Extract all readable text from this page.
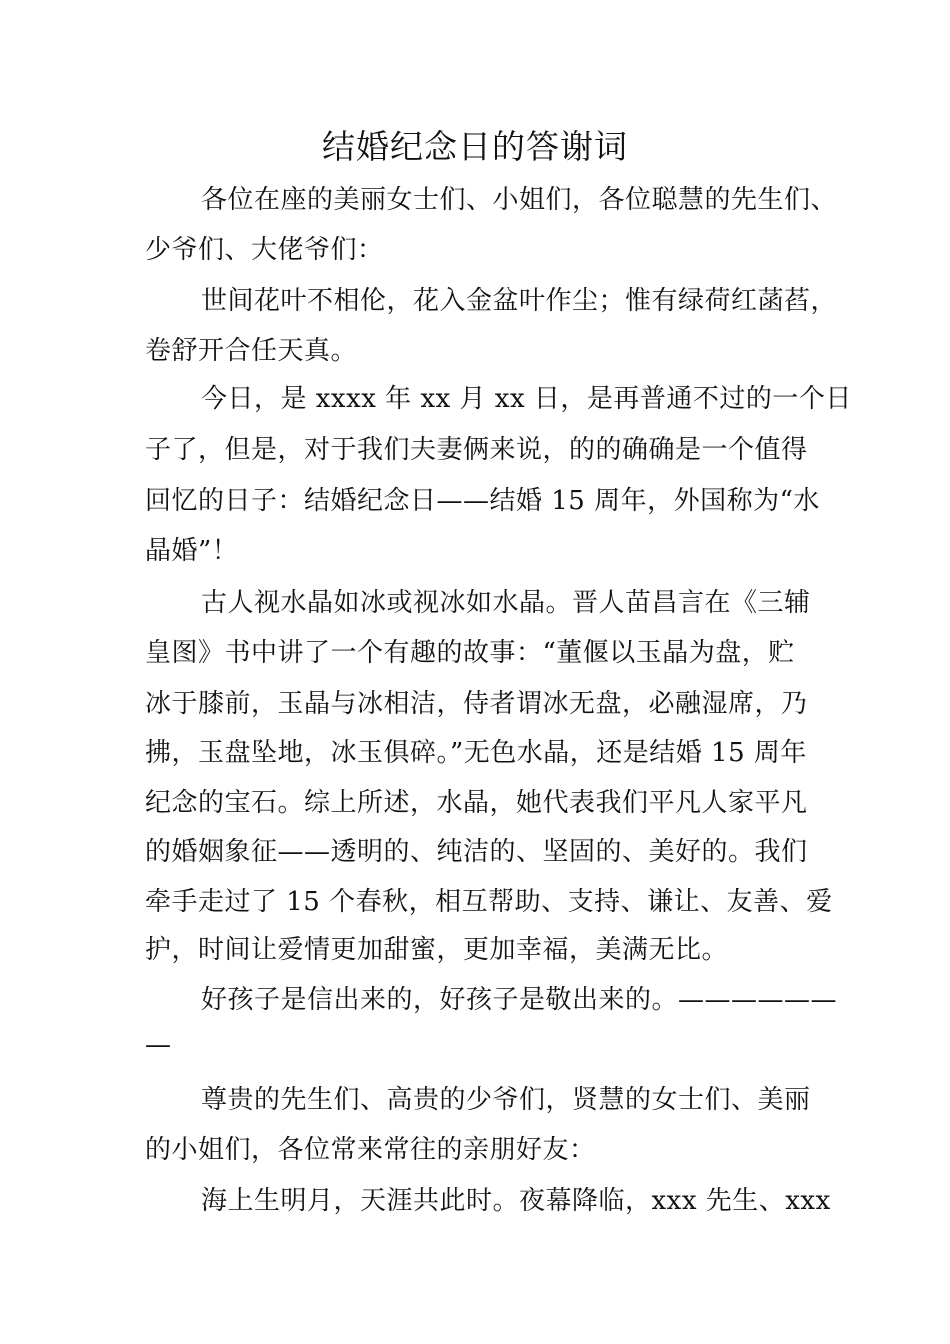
结婚纪念日的答谢词
各位在座的美丽女士们、小姐们，各位聪慧的先生们、
少爷们、大佬爷们：
世间花叶不相伦，花入金盆叶作尘；惟有绿荷红菡萏，
卷舒开合任天真。
今日，是 xxxx 年 xx 月 xx 日，是再普通不过的一个日
子了，但是，对于我们夫妻俩来说，的的确确是一个值得
回忆的日子：结婚纪念日——结婚 15 周年，外国称为“水
晶婚”！
古人视水晶如冰或视冰如水晶。晋人苗昌言在《三辅
皇图》书中讲了一个有趣的故事：“董偃以玉晶为盘，贮
冰于膝前，玉晶与冰相洁，侍者谓冰无盘，必融湿席，乃
拂，玉盘坠地，冰玉俱碎。”无色水晶，还是结婚 15 周年
纪念的宝石。综上所述，水晶，她代表我们平凡人家平凡
的婚姻象征——透明的、纯洁的、坚固的、美好的。我们
牵手走过了 15 个春秋，相互帮助、支持、谦让、友善、爱
护，时间让爱情更加甜蜜，更加幸福，美满无比。
好孩子是信出来的，好孩子是敬出来的。——————
—
尊贵的先生们、高贵的少爷们，贤慧的女士们、美丽
的小姐们，各位常来常往的亲朋好友：
海上生明月，天涯共此时。夜幕降临，xxx 先生、xxx
